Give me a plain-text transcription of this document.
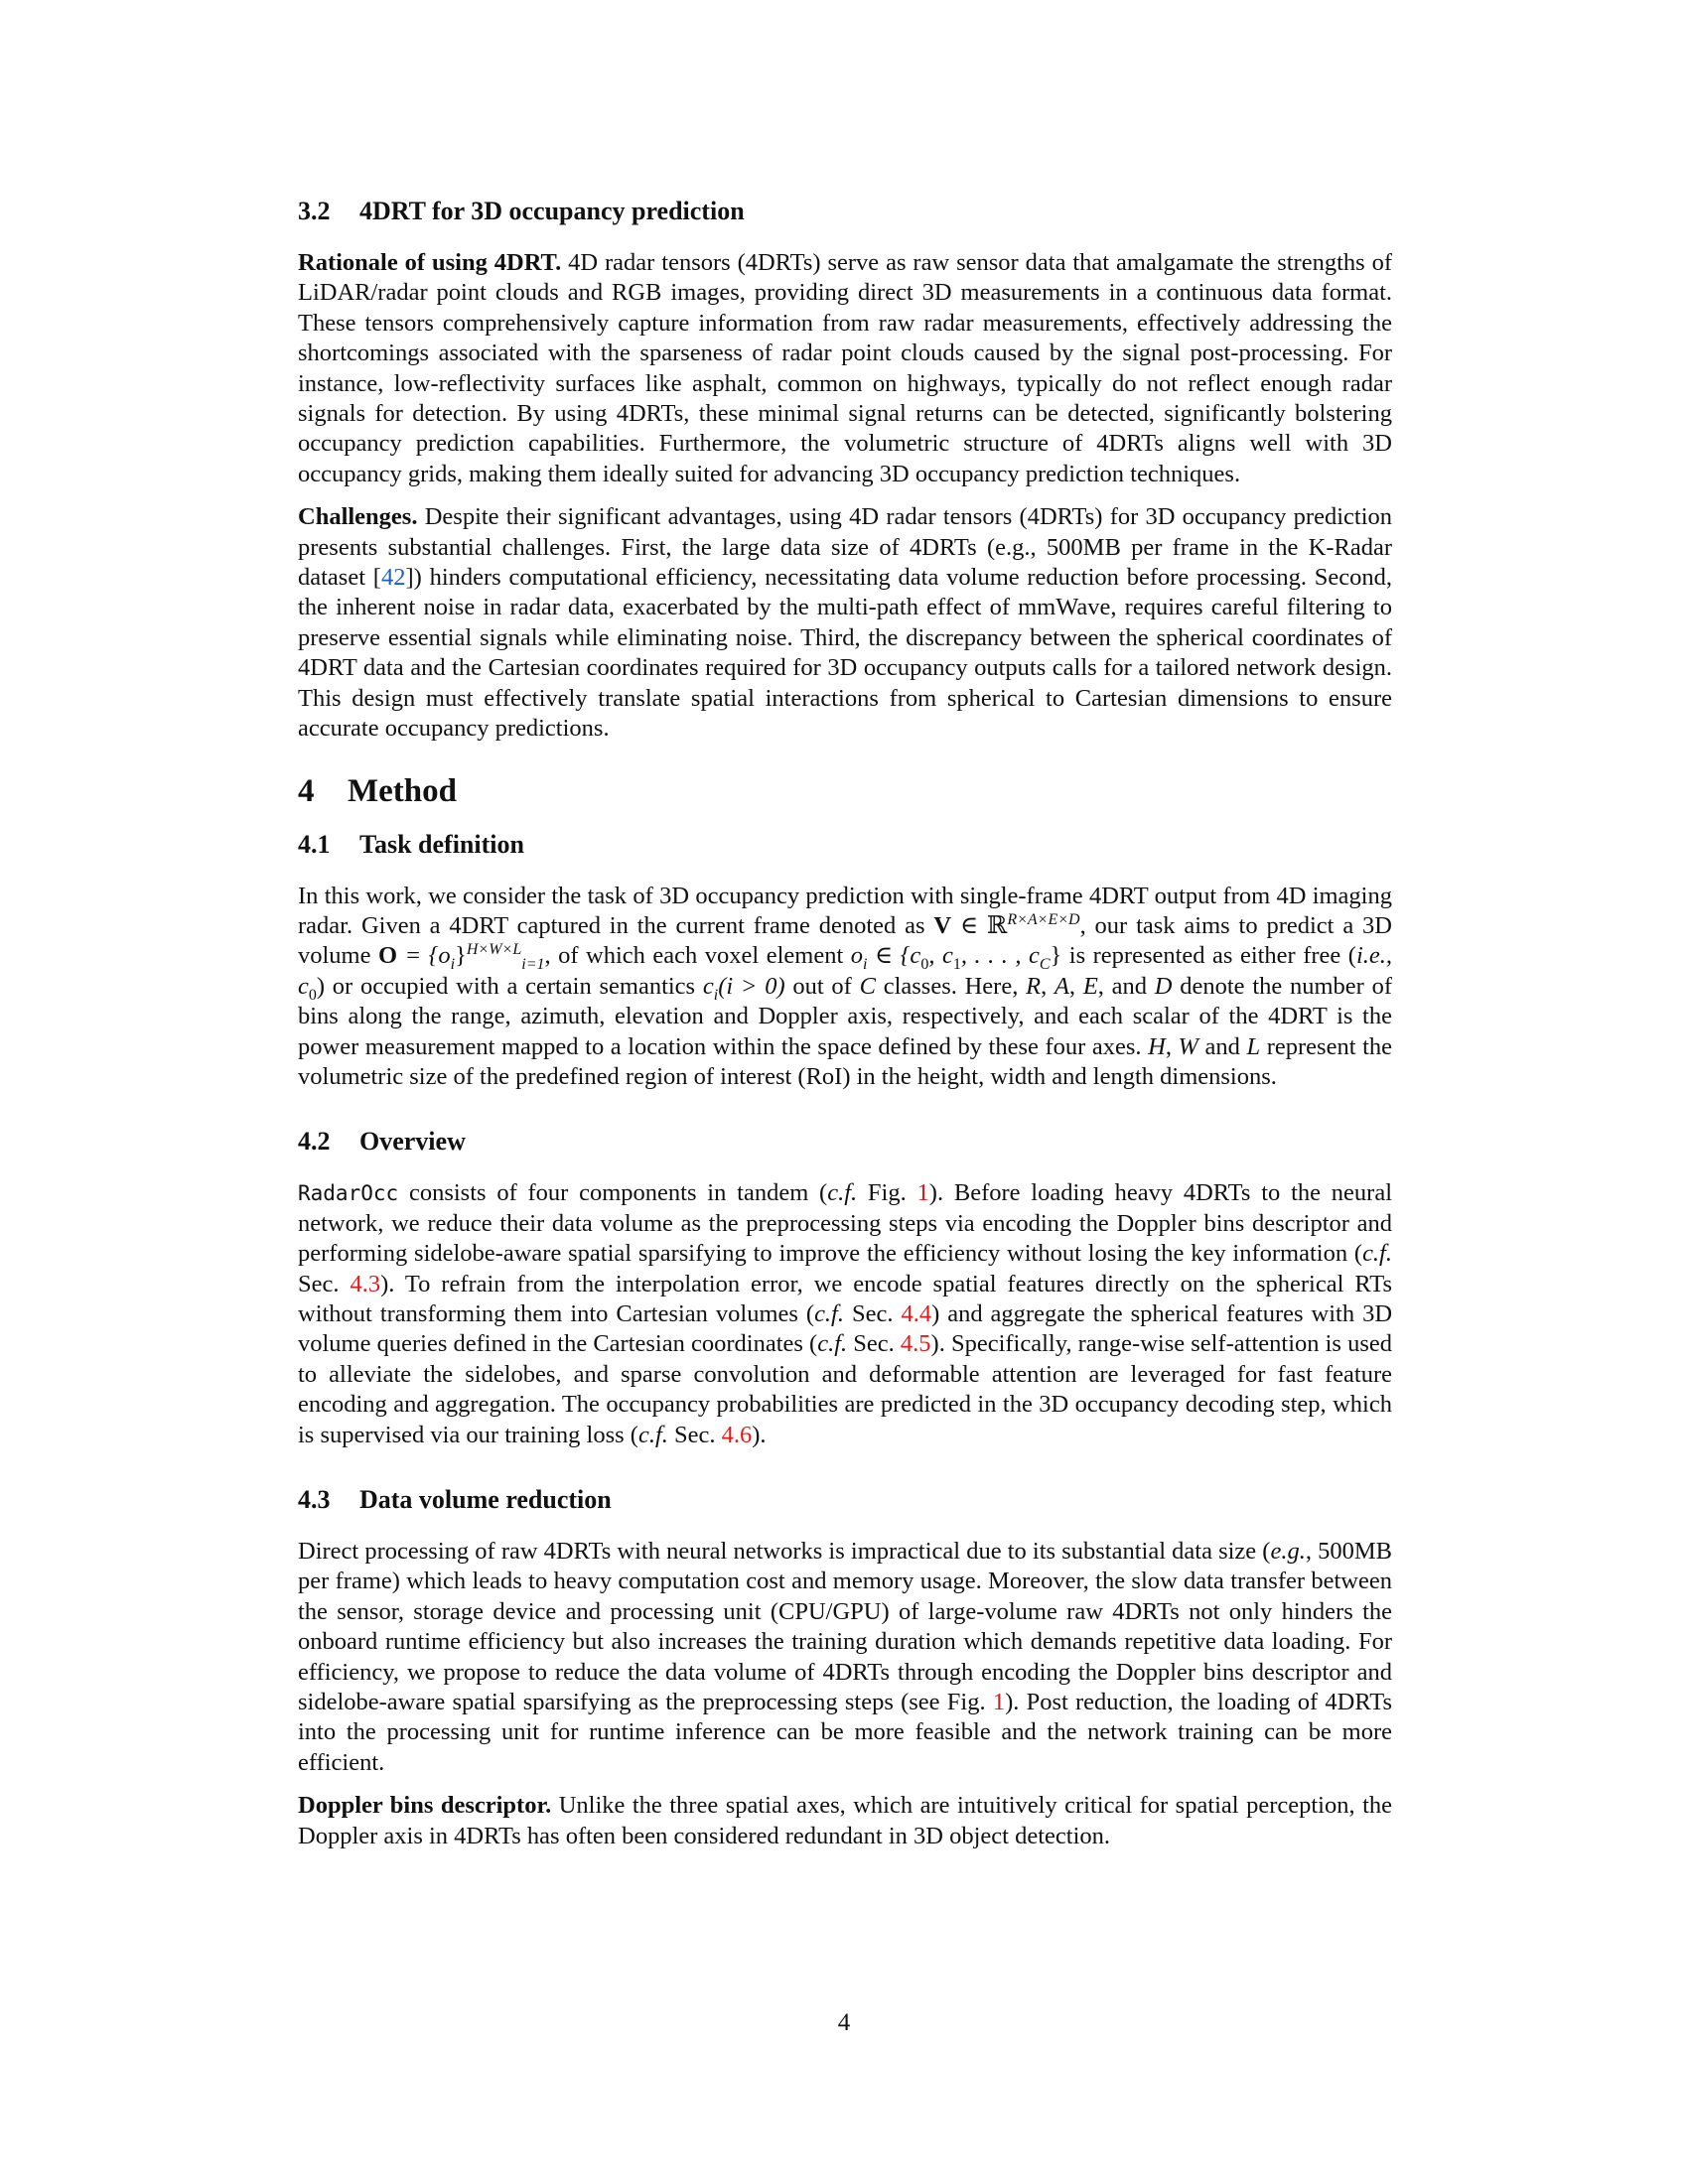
3.2 4DRT for 3D occupancy prediction

Rationale of using 4DRT. 4D radar tensors (4DRTs) serve as raw sensor data that amalgamate the strengths of LiDAR/radar point clouds and RGB images, providing direct 3D measurements in a continuous data format. These tensors comprehensively capture information from raw radar measurements, effectively addressing the shortcomings associated with the sparseness of radar point clouds caused by the signal post-processing. For instance, low-reflectivity surfaces like asphalt, common on highways, typically do not reflect enough radar signals for detection. By using 4DRTs, these minimal signal returns can be detected, significantly bolstering occupancy prediction capabilities. Furthermore, the volumetric structure of 4DRTs aligns well with 3D occupancy grids, making them ideally suited for advancing 3D occupancy prediction techniques.

Challenges. Despite their significant advantages, using 4D radar tensors (4DRTs) for 3D occupancy prediction presents substantial challenges. First, the large data size of 4DRTs (e.g., 500MB per frame in the K-Radar dataset [42]) hinders computational efficiency, necessitating data volume reduction before processing. Second, the inherent noise in radar data, exacerbated by the multi-path effect of mmWave, requires careful filtering to preserve essential signals while eliminating noise. Third, the discrepancy between the spherical coordinates of 4DRT data and the Cartesian coordinates required for 3D occupancy outputs calls for a tailored network design. This design must effectively translate spatial interactions from spherical to Cartesian dimensions to ensure accurate occupancy predictions.

4 Method
4.1 Task definition

In this work, we consider the task of 3D occupancy prediction with single-frame 4DRT output from 4D imaging radar. Given a 4DRT captured in the current frame denoted as V ∈ ℝ$^{R\times A\times E\times D}$, our task aims to predict a 3D volume $O = \{o_i\}^{H\times W\times L}_{i=1}$, of which each voxel element $o_i$ ∈ {$c_0$, $c_1$, . . . , $c_C$} is represented as either free (i.e., $c_0$) or occupied with a certain semantics $c_i(i > 0)$ out of C classes. Here, R, A, E, and D denote the number of bins along the range, azimuth, elevation and Doppler axis, respectively, and each scalar of the 4DRT is the power measurement mapped to a location within the space defined by these four axes. H, W and L represent the volumetric size of the predefined region of interest (RoI) in the height, width and length dimensions.

4.2 Overview

RadarOcc consists of four components in tandem (c.f. Fig. 1). Before loading heavy 4DRTs to the neural network, we reduce their data volume as the preprocessing steps via encoding the Doppler bins descriptor and performing sidelobe-aware spatial sparsifying to improve the efficiency without losing the key information (c.f. Sec. 4.3). To refrain from the interpolation error, we encode spatial features directly on the spherical RTs without transforming them into Cartesian volumes (c.f. Sec. 4.4) and aggregate the spherical features with 3D volume queries defined in the Cartesian coordinates (c.f. Sec. 4.5). Specifically, range-wise self-attention is used to alleviate the sidelobes, and sparse convolution and deformable attention are leveraged for fast feature encoding and aggregation. The occupancy probabilities are predicted in the 3D occupancy decoding step, which is supervised via our training loss (c.f. Sec. 4.6).

4.3 Data volume reduction

Direct processing of raw 4DRTs with neural networks is impractical due to its substantial data size (e.g., 500MB per frame) which leads to heavy computation cost and memory usage. Moreover, the slow data transfer between the sensor, storage device and processing unit (CPU/GPU) of large-volume raw 4DRTs not only hinders the onboard runtime efficiency but also increases the training duration which demands repetitive data loading. For efficiency, we propose to reduce the data volume of 4DRTs through encoding the Doppler bins descriptor and sidelobe-aware spatial sparsifying as the preprocessing steps (see Fig. 1). Post reduction, the loading of 4DRTs into the processing unit for runtime inference can be more feasible and the network training can be more efficient.

Doppler bins descriptor. Unlike the three spatial axes, which are intuitively critical for spatial perception, the Doppler axis in 4DRTs has often been considered redundant in 3D object detection.

4
